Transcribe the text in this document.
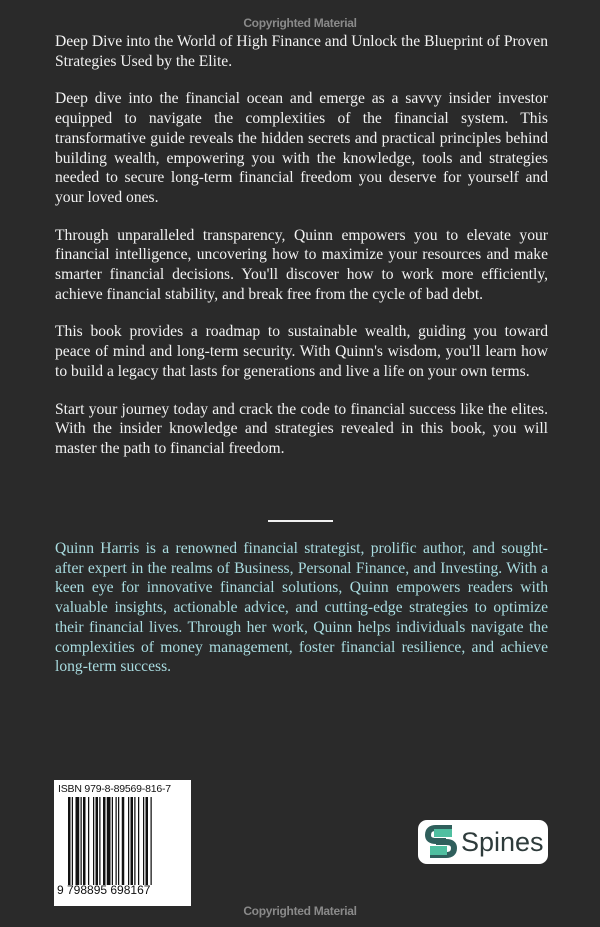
Copyrighted Material

Deep Dive into the World of High Finance and Unlock the Blueprint of Proven Strategies Used by the Elite.

Deep dive into the financial ocean and emerge as a savvy insider investor equipped to navigate the complexities of the financial system. This transformative guide reveals the hidden secrets and practical principles behind building wealth, empowering you with the knowledge, tools and strategies needed to secure long-term financial freedom you deserve for yourself and your loved ones.

Through unparalleled transparency, Quinn empowers you to elevate your financial intelligence, uncovering how to maximize your resources and make smarter financial decisions. You'll discover how to work more efficiently, achieve financial stability, and break free from the cycle of bad debt.

This book provides a roadmap to sustainable wealth, guiding you toward peace of mind and long-term security. With Quinn's wisdom, you'll learn how to build a legacy that lasts for generations and live a life on your own terms.

Start your journey today and crack the code to financial success like the elites. With the insider knowledge and strategies revealed in this book, you will master the path to financial freedom.

Quinn Harris is a renowned financial strategist, prolific author, and sought-after expert in the realms of Business, Personal Finance, and Investing. With a keen eye for innovative financial solutions, Quinn empowers readers with valuable insights, actionable advice, and cutting-edge strategies to optimize their financial lives. Through her work, Quinn helps individuals navigate the complexities of money management, foster financial resilience, and achieve long-term success.

ISBN 979-8-89569-816-7
9 798895 698167
Spines
Copyrighted Material
